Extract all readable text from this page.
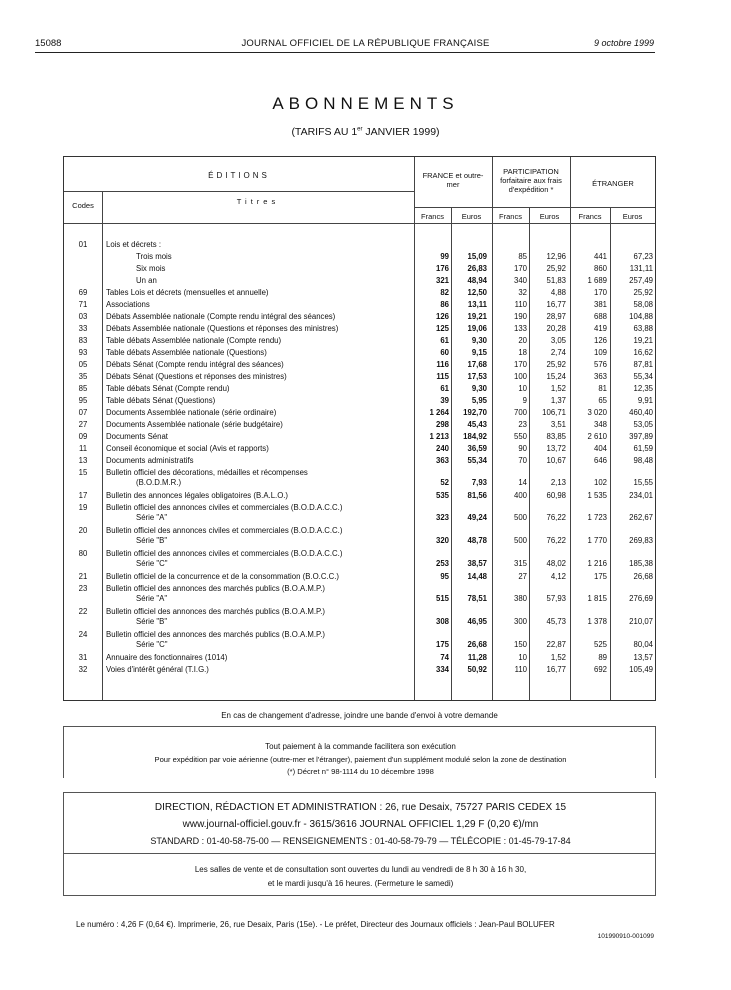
15088	JOURNAL OFFICIEL DE LA RÉPUBLIQUE FRANÇAISE	9 octobre 1999
ABONNEMENTS
(TARIFS AU 1er JANVIER 1999)
ÉDITIONS
Codes	Titres
FRANCE et outre-mer
PARTICIPATION forfaitaire aux frais d'expédition *
ÉTRANGER
Francs	Euros	Francs	Euros	Francs	Euros
01	Lois et décrets :
Trois mois	99	15,09	85	12,96	441	67,23
Six mois	176	26,83	170	25,92	860	131,11
Un an	321	48,94	340	51,83	1 689	257,49
69	Tables Lois et décrets (mensuelles et annuelle)	82	12,50	32	4,88	170	25,92
71	Associations	86	13,11	110	16,77	381	58,08
03	Débats Assemblée nationale (Compte rendu intégral des séances)	126	19,21	190	28,97	688	104,88
33	Débats Assemblée nationale (Questions et réponses des ministres)	125	19,06	133	20,28	419	63,88
83	Table débats Assemblée nationale (Compte rendu)	61	9,30	20	3,05	126	19,21
93	Table débats Assemblée nationale (Questions)	60	9,15	18	2,74	109	16,62
05	Débats Sénat (Compte rendu intégral des séances)	116	17,68	170	25,92	576	87,81
35	Débats Sénat (Questions et réponses des ministres)	115	17,53	100	15,24	363	55,34
85	Table débats Sénat (Compte rendu)	61	9,30	10	1,52	81	12,35
95	Table débats Sénat (Questions)	39	5,95	9	1,37	65	9,91
07	Documents Assemblée nationale (série ordinaire)	1 264	192,70	700	106,71	3 020	460,40
27	Documents Assemblée nationale (série budgétaire)	298	45,43	23	3,51	348	53,05
09	Documents Sénat	1 213	184,92	550	83,85	2 610	397,89
11	Conseil économique et social (Avis et rapports)	240	36,59	90	13,72	404	61,59
13	Documents administratifs	363	55,34	70	10,67	646	98,48
15	Bulletin officiel des décorations, médailles et récompenses
(B.O.D.M.R.)	52	7,93	14	2,13	102	15,55
17	Bulletin des annonces légales obligatoires (B.A.L.O.)	535	81,56	400	60,98	1 535	234,01
19	Bulletin officiel des annonces civiles et commerciales (B.O.D.A.C.C.)
Série "A"	323	49,24	500	76,22	1 723	262,67
20	Bulletin officiel des annonces civiles et commerciales (B.O.D.A.C.C.)
Série "B"	320	48,78	500	76,22	1 770	269,83
80	Bulletin officiel des annonces civiles et commerciales (B.O.D.A.C.C.)
Série "C"	253	38,57	315	48,02	1 216	185,38
21	Bulletin officiel de la concurrence et de la consommation (B.O.C.C.)	95	14,48	27	4,12	175	26,68
23	Bulletin officiel des annonces des marchés publics (B.O.A.M.P.)
Série "A"	515	78,51	380	57,93	1 815	276,69
22	Bulletin officiel des annonces des marchés publics (B.O.A.M.P.)
Série "B"	308	46,95	300	45,73	1 378	210,07
24	Bulletin officiel des annonces des marchés publics (B.O.A.M.P.)
Série "C"	175	26,68	150	22,87	525	80,04
31	Annuaire des fonctionnaires (1014)	74	11,28	10	1,52	89	13,57
32	Voies d'intérêt général (T.I.G.)	334	50,92	110	16,77	692	105,49
En cas de changement d'adresse, joindre une bande d'envoi à votre demande
Tout paiement à la commande facilitera son exécution
Pour expédition par voie aérienne (outre-mer et l'étranger), paiement d'un supplément modulé selon la zone de destination
(*) Décret n° 98-1114 du 10 décembre 1998
DIRECTION, RÉDACTION ET ADMINISTRATION : 26, rue Desaix, 75727 PARIS CEDEX 15
www.journal-officiel.gouv.fr - 3615/3616 JOURNAL OFFICIEL 1,29 F (0,20 €)/mn
STANDARD : 01-40-58-75-00 — RENSEIGNEMENTS : 01-40-58-79-79 — TÉLÉCOPIE : 01-45-79-17-84
Les salles de vente et de consultation sont ouvertes du lundi au vendredi de 8 h 30 à 16 h 30,
et le mardi jusqu'à 16 heures. (Fermeture le samedi)
Le numéro : 4,26 F (0,64 €). Imprimerie, 26, rue Desaix, Paris (15e). - Le préfet, Directeur des Journaux officiels : Jean-Paul BOLUFER
101990910-001099
